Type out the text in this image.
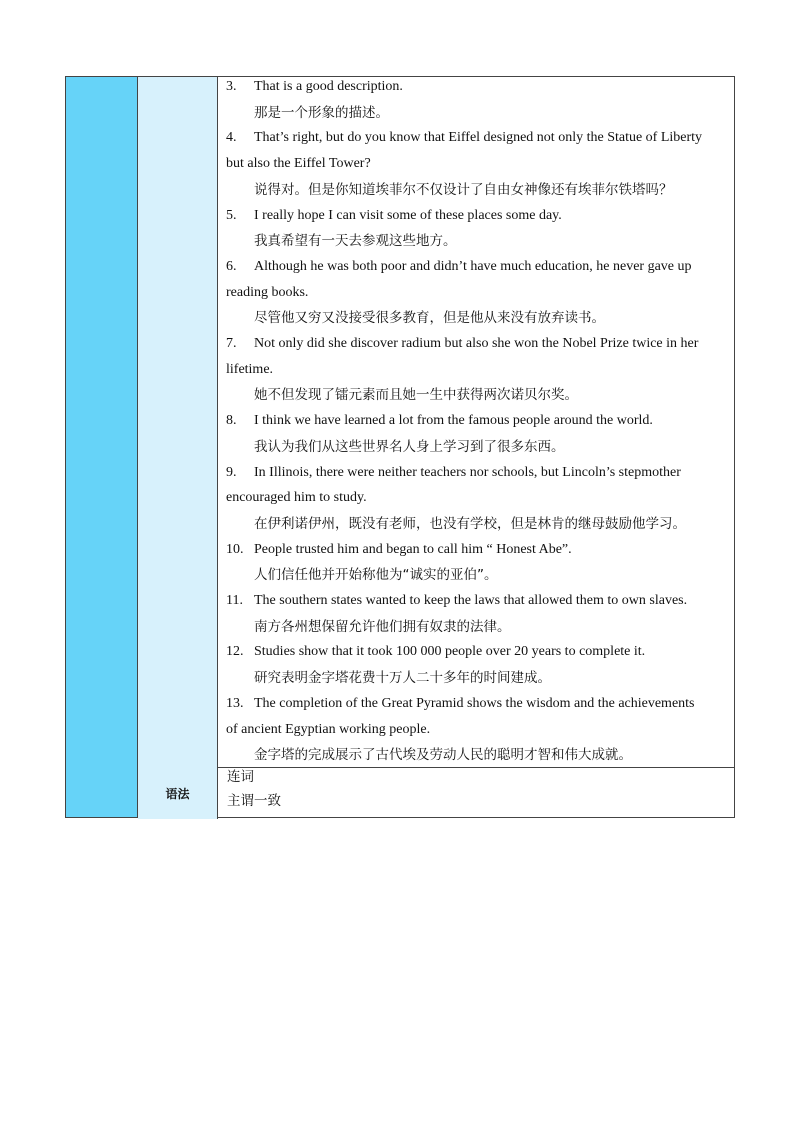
语法
3. That is a good description.
那是一个形象的描述。
4. That’s right, but do you know that Eiffel designed not only the Statue of Liberty
but also the Eiffel Tower?
说得对。但是你知道埃菲尔不仅设计了自由女神像还有埃菲尔铁塔吗？
5. I really hope I can visit some of these places some day.
我真希望有一天去参观这些地方。
6. Although he was both poor and didn’t have much education, he never gave up
reading books.
尽管他又穷又没接受很多教育，但是他从来没有放弃读书。
7. Not only did she discover radium but also she won the Nobel Prize twice in her
lifetime.
她不但发现了镭元素而且她一生中获得两次诺贝尔奖。
8. I think we have learned a lot from the famous people around the world.
我认为我们从这些世界名人身上学习到了很多东西。
9. In Illinois, there were neither teachers nor schools, but Lincoln’s stepmother
encouraged him to study.
在伊利诺伊州，既没有老师，也没有学校，但是林肯的继母鼓励他学习。
10. People trusted him and began to call him “ Honest Abe”.
人们信任他并开始称他为“诚实的亚伯”。
11. The southern states wanted to keep the laws that allowed them to own slaves.
南方各州想保留允许他们拥有奴隶的法律。
12. Studies show that it took 100 000 people over 20 years to complete it.
研究表明金字塔花费十万人二十多年的时间建成。
13. The completion of the Great Pyramid shows the wisdom and the achievements
of ancient Egyptian working people.
金字塔的完成展示了古代埃及劳动人民的聪明才智和伟大成就。
连词
主谓一致
